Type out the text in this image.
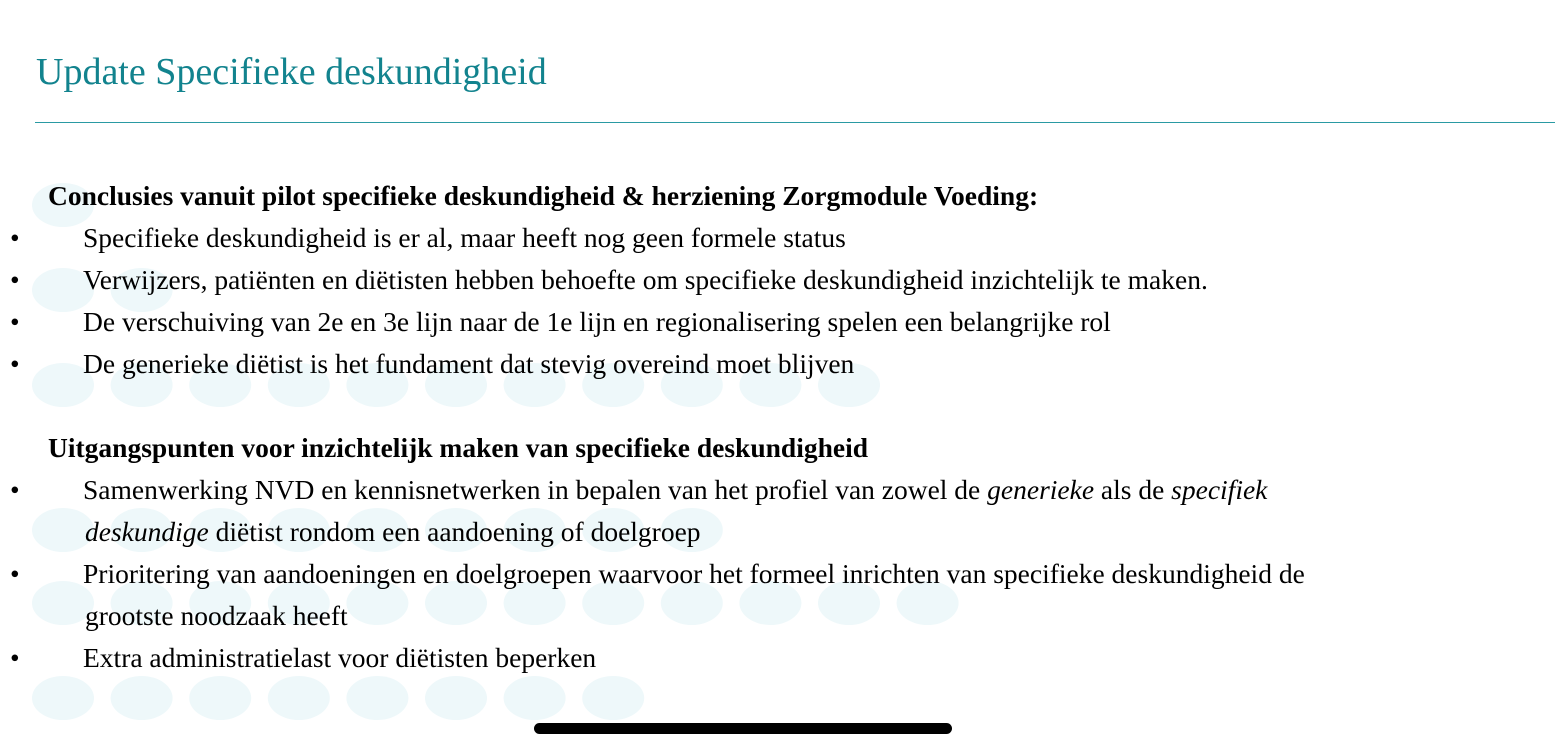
Update Specifieke deskundigheid
Conclusies vanuit pilot specifieke deskundigheid & herziening Zorgmodule Voeding:
• Specifieke deskundigheid is er al, maar heeft nog geen formele status
• Verwijzers, patiënten en diëtisten hebben behoefte om specifieke deskundigheid inzichtelijk te maken.
• De verschuiving van 2e en 3e lijn naar de 1e lijn en regionalisering spelen een belangrijke rol
• De generieke diëtist is het fundament dat stevig overeind moet blijven
Uitgangspunten voor inzichtelijk maken van specifieke deskundigheid
• Samenwerking NVD en kennisnetwerken in bepalen van het profiel van zowel de generieke als de specifiek
deskundige diëtist rondom een aandoening of doelgroep
• Prioritering van aandoeningen en doelgroepen waarvoor het formeel inrichten van specifieke deskundigheid de
grootste noodzaak heeft
• Extra administratielast voor diëtisten beperken
